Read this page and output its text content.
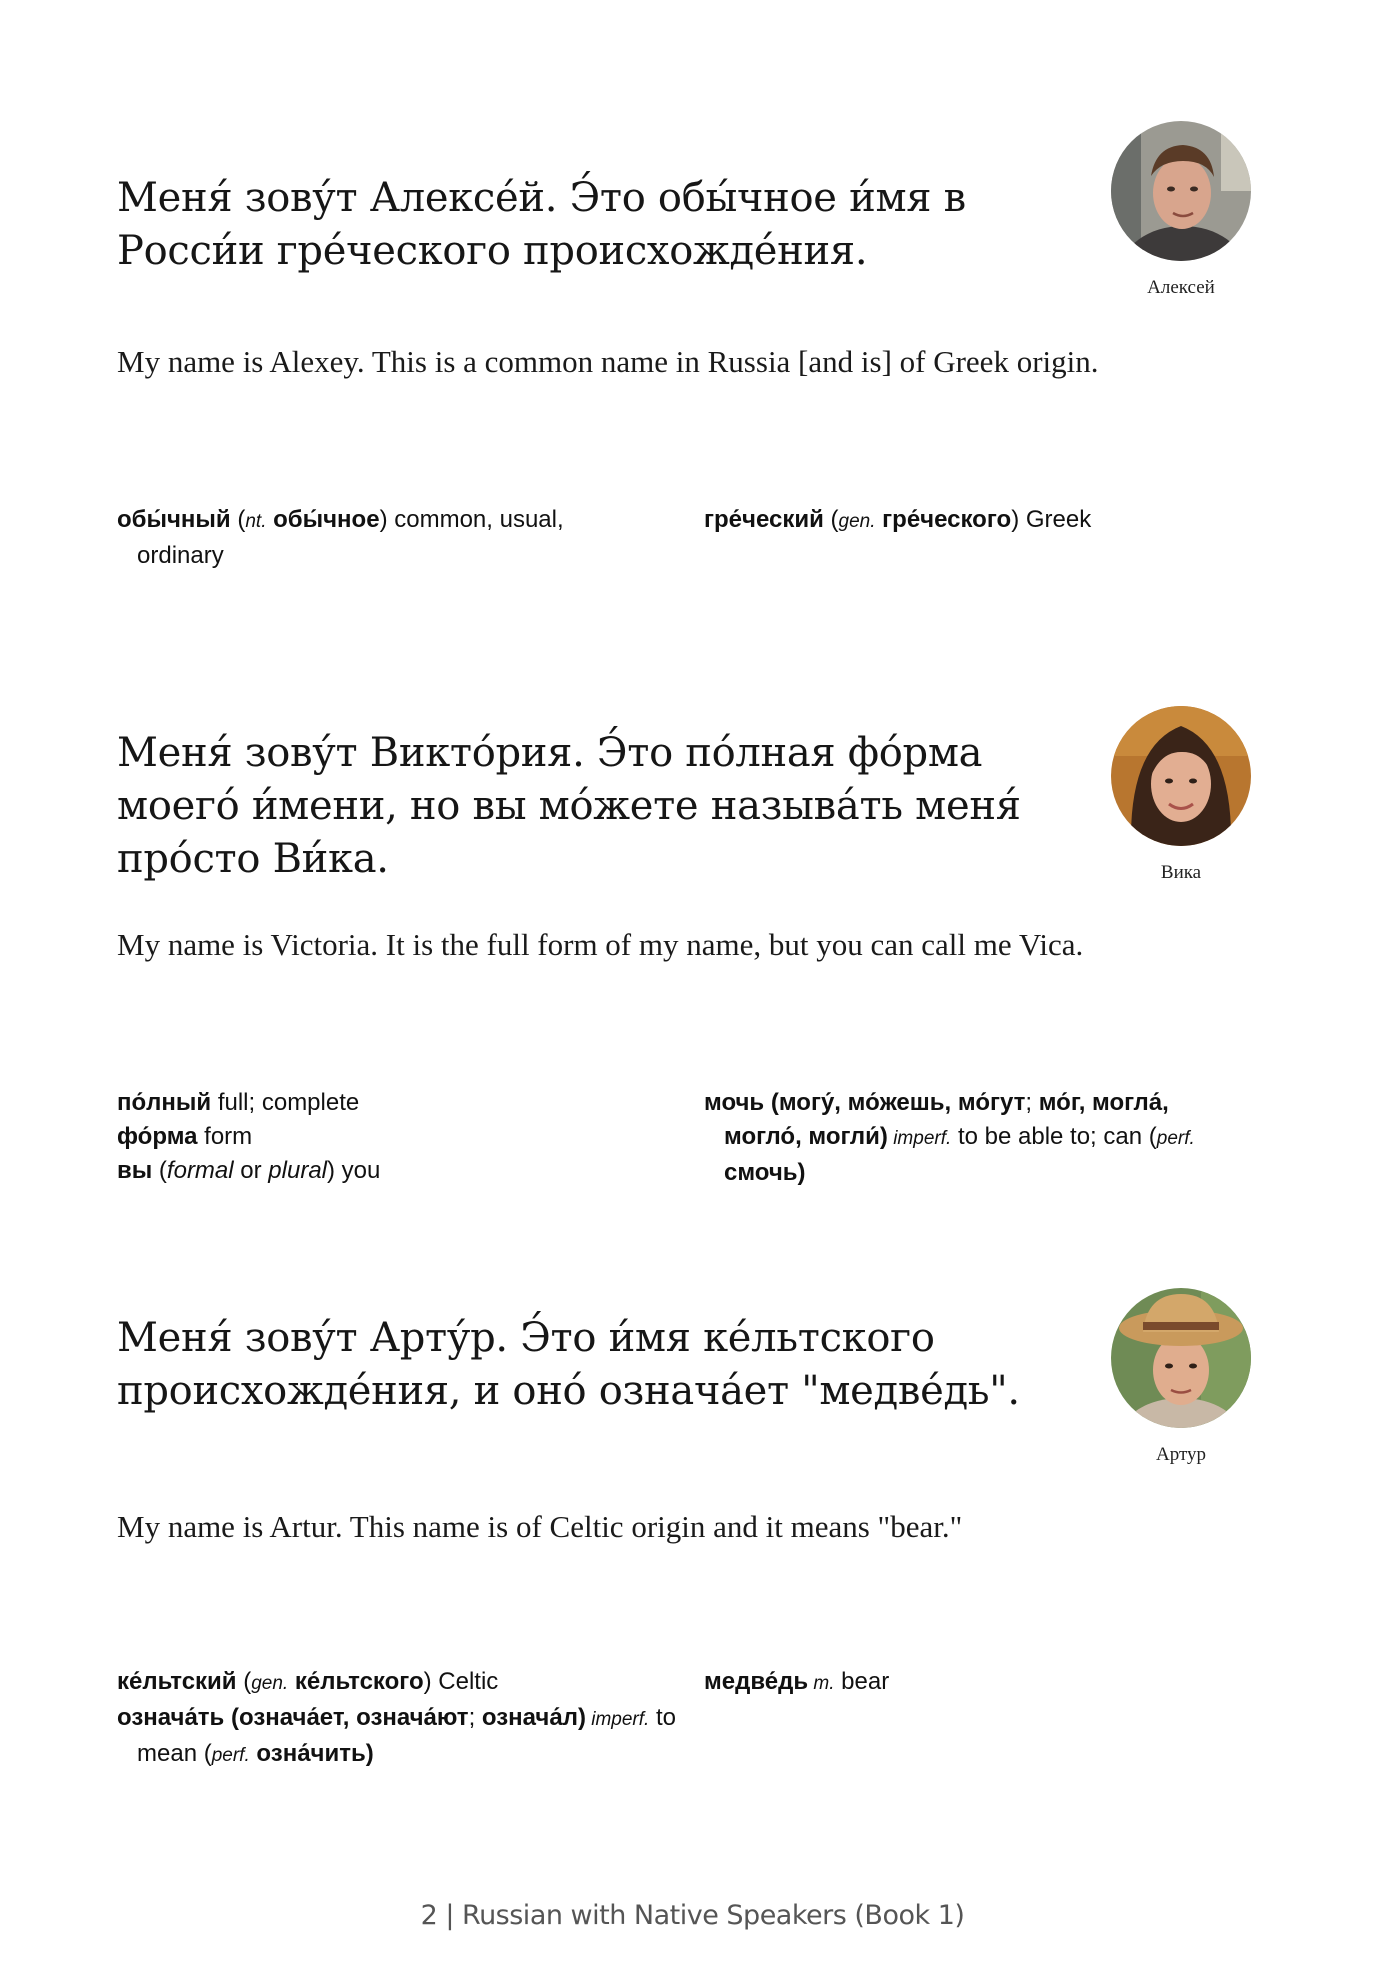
Меня́ зову́т Алексе́й. Э́то обы́чное и́мя в Росси́и гре́ческого происхожде́ния.

Алексей

My name is Alexey. This is a common name in Russia [and is] of Greek origin.

обы́чный (nt. обы́чное) common, usual, ordinary

гре́ческий (gen. гре́ческого) Greek

Меня́ зову́т Викто́рия. Э́то по́лная фо́рма моего́ и́мени, но вы мо́жете называ́ть меня́ про́сто Ви́ка.	Вика

My name is Victoria. It is the full form of my name, but you can call me Vica.

по́лный full; complete

фо́рма form

вы (formal or plural) you

мочь (могу́, мо́жешь, мо́гут; мо́г, могла́, могло́, могли́) imperf. to be able to; can (perf. смочь)

Меня́ зову́т Арту́р. Э́то и́мя ке́льтского происхожде́ния, и оно́ означа́ет "медве́дь".

Артур

My name is Artur. This name is of Celtic origin and it means "bear."

ке́льтский (gen. ке́льтского) Celtic

означа́ть (означа́ет, означа́ют; означа́л) imperf. to mean (perf. озна́чить)

медве́дь m. bear

2 | Russian with Native Speakers (Book 1)
